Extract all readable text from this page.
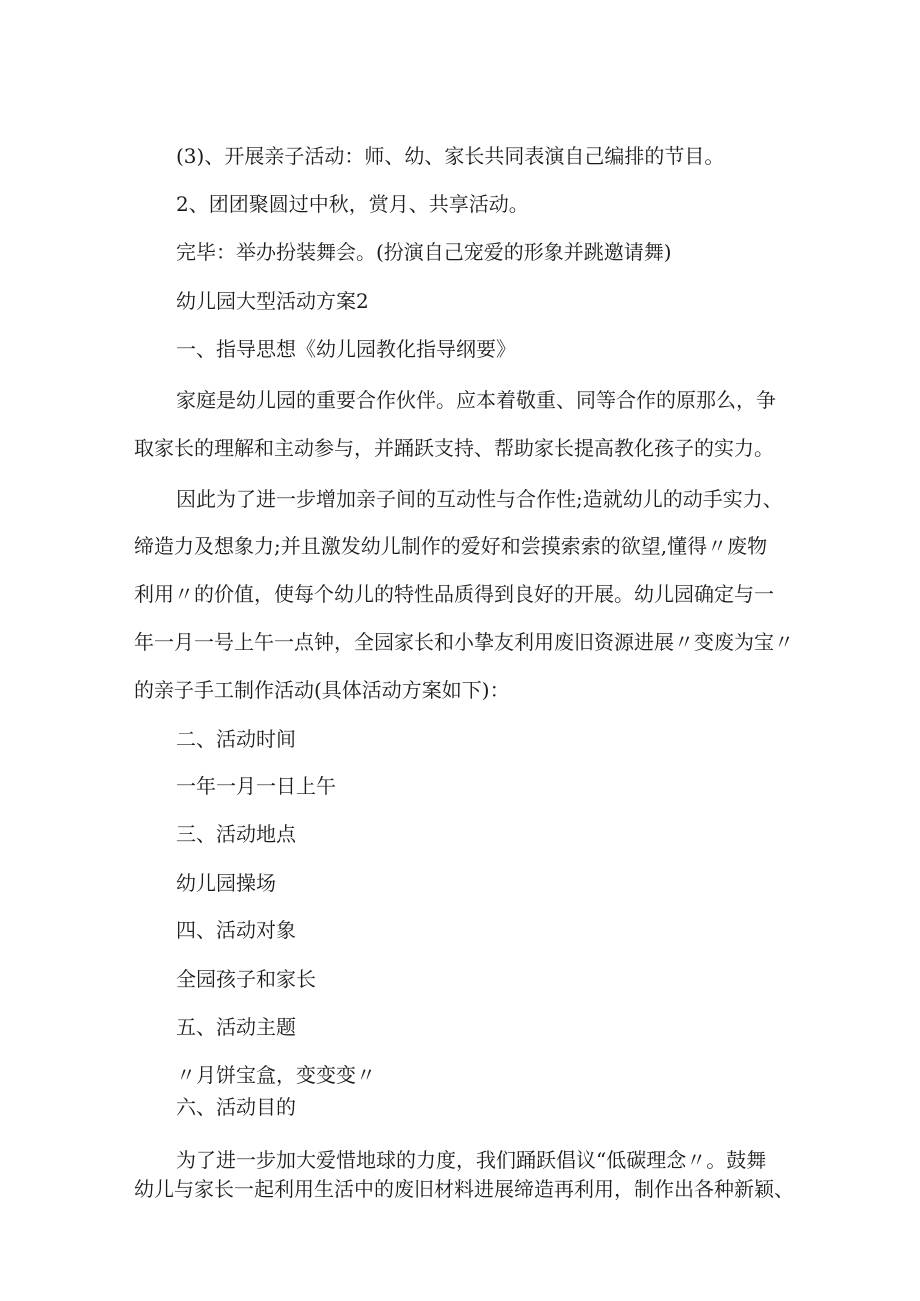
(3)、开展亲子活动：师、幼、家长共同表演自己编排的节目。

2、团团聚圆过中秋，赏月、共享活动。

完毕：举办扮装舞会。(扮演自己宠爱的形象并跳邀请舞)

幼儿园大型活动方案2

一、指导思想《幼儿园教化指导纲要》

家庭是幼儿园的重要合作伙伴。应本着敬重、同等合作的原那么，争

取家长的理解和主动参与，并踊跃支持、帮助家长提高教化孩子的实力。

因此为了进一步增加亲子间的互动性与合作性;造就幼儿的动手实力、

缔造力及想象力;并且激发幼儿制作的爱好和尝摸索索的欲望,懂得〃废物

利用〃的价值，使每个幼儿的特性品质得到良好的开展。幼儿园确定与一

年一月一号上午一点钟，全园家长和小挚友利用废旧资源进展〃变废为宝〃

的亲子手工制作活动(具体活动方案如下)：

二、活动时间

一年一月一日上午

三、活动地点

幼儿园操场

四、活动对象

全园孩子和家长

五、活动主题

〃月饼宝盒，变变变〃

六、活动目的

为了进一步加大爱惜地球的力度，我们踊跃倡议“低碳理念〃。鼓舞

幼儿与家长一起利用生活中的废旧材料进展缔造再利用，制作出各种新颖、
